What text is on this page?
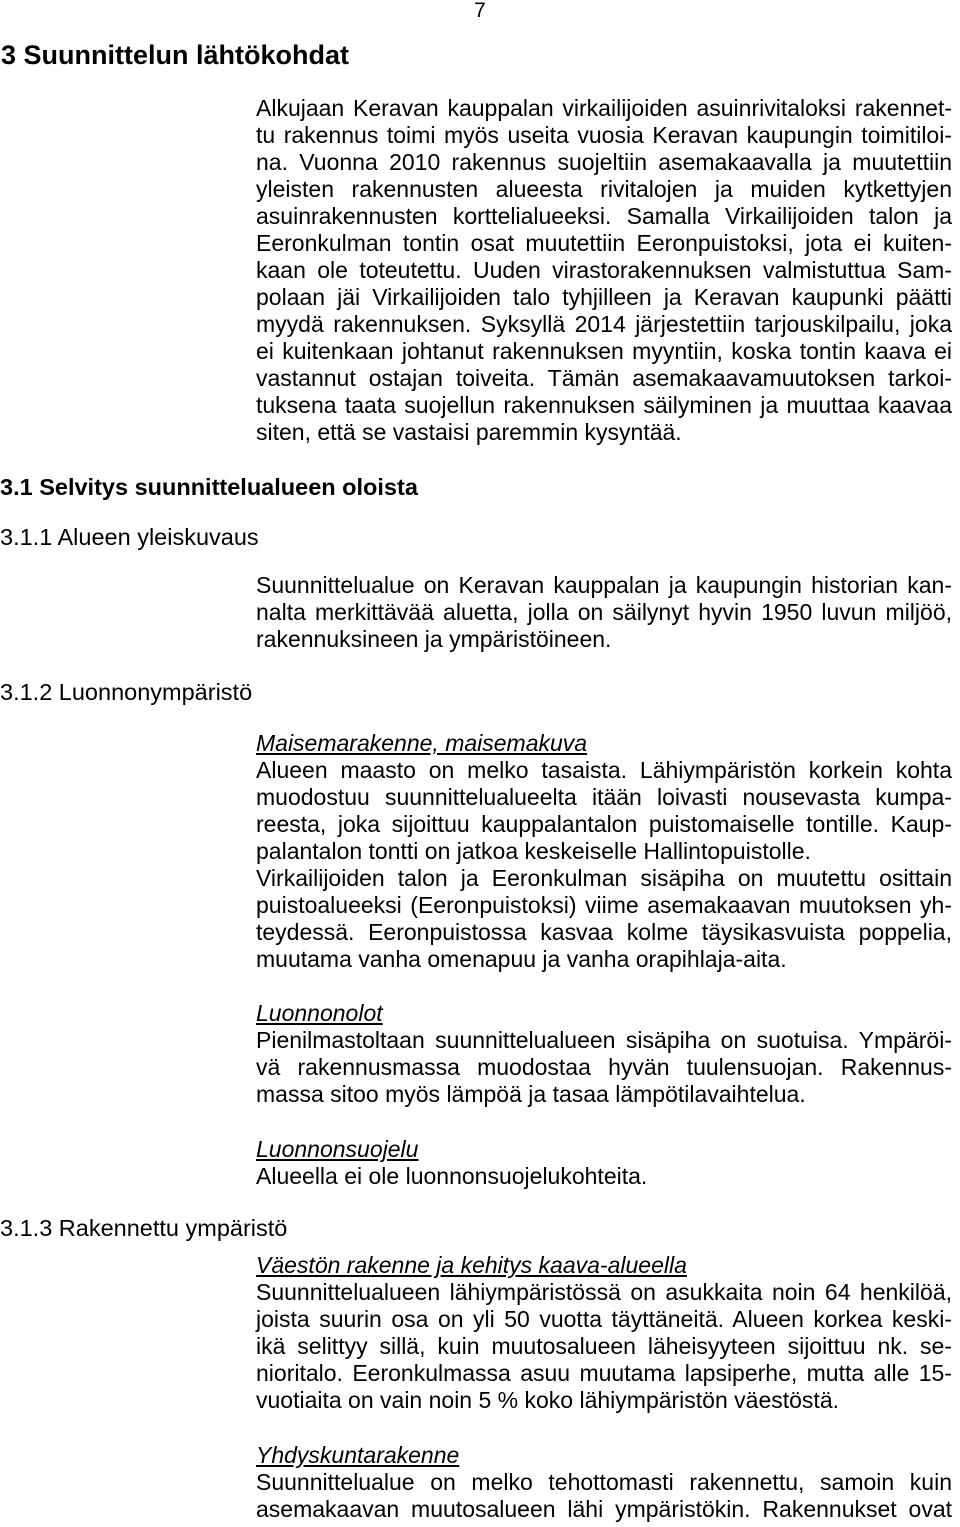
7
3 Suunnittelun lähtökohdat
3.1 Selvitys suunnittelualueen oloista
3.1.1 Alueen yleiskuvaus
3.1.2 Luonnonympäristö
3.1.3 Rakennettu ympäristö
Alkujaan Keravan kauppalan virkailijoiden asuinrivitaloksi rakennet-
tu rakennus toimi myös useita vuosia Keravan kaupungin toimitiloi-
na. Vuonna 2010 rakennus suojeltiin asemakaavalla ja muutettiin
yleisten rakennusten alueesta rivitalojen ja muiden kytkettyjen
asuinrakennusten korttelialueeksi. Samalla Virkailijoiden talon ja
Eeronkulman tontin osat muutettiin Eeronpuistoksi, jota ei kuiten-
kaan ole toteutettu. Uuden virastorakennuksen valmistuttua Sam-
polaan jäi Virkailijoiden talo tyhjilleen ja Keravan kaupunki päätti
myydä rakennuksen. Syksyllä 2014 järjestettiin tarjouskilpailu, joka
ei kuitenkaan johtanut rakennuksen myyntiin, koska tontin kaava ei
vastannut ostajan toiveita. Tämän asemakaavamuutoksen tarkoi-
tuksena taata suojellun rakennuksen säilyminen ja muuttaa kaavaa
siten, että se vastaisi paremmin kysyntää.
Suunnittelualue on Keravan kauppalan ja kaupungin historian kan-
nalta merkittävää aluetta, jolla on säilynyt hyvin 1950 luvun miljöö,
rakennuksineen ja ympäristöineen.
Maisemarakenne, maisemakuva
Alueen maasto on melko tasaista. Lähiympäristön korkein kohta
muodostuu suunnittelualueelta itään loivasti nousevasta kumpa-
reesta, joka sijoittuu kauppalantalon puistomaiselle tontille. Kaup-
palantalon tontti on jatkoa keskeiselle Hallintopuistolle.
Virkailijoiden talon ja Eeronkulman sisäpiha on muutettu osittain
puistoalueeksi (Eeronpuistoksi) viime asemakaavan muutoksen yh-
teydessä. Eeronpuistossa kasvaa kolme täysikasvuista poppelia,
muutama vanha omenapuu ja vanha orapihlaja-aita.
Luonnonolot
Pienilmastoltaan suunnittelualueen sisäpiha on suotuisa. Ympäröi-
vä rakennusmassa muodostaa hyvän tuulensuojan. Rakennus-
massa sitoo myös lämpöä ja tasaa lämpötilavaihtelua.
Luonnonsuojelu
Alueella ei ole luonnonsuojelukohteita.
Väestön rakenne ja kehitys kaava-alueella
Suunnittelualueen lähiympäristössä on asukkaita noin 64 henkilöä,
joista suurin osa on yli 50 vuotta täyttäneitä. Alueen korkea keski-
ikä selittyy sillä, kuin muutosalueen läheisyyteen sijoittuu nk. se-
nioritalo. Eeronkulmassa asuu muutama lapsiperhe, mutta alle 15-
vuotiaita on vain noin 5 % koko lähiympäristön väestöstä.
Yhdyskuntarakenne
Suunnittelualue on melko tehottomasti rakennettu, samoin kuin
asemakaavan muutosalueen lähi ympäristökin. Rakennukset ovat
